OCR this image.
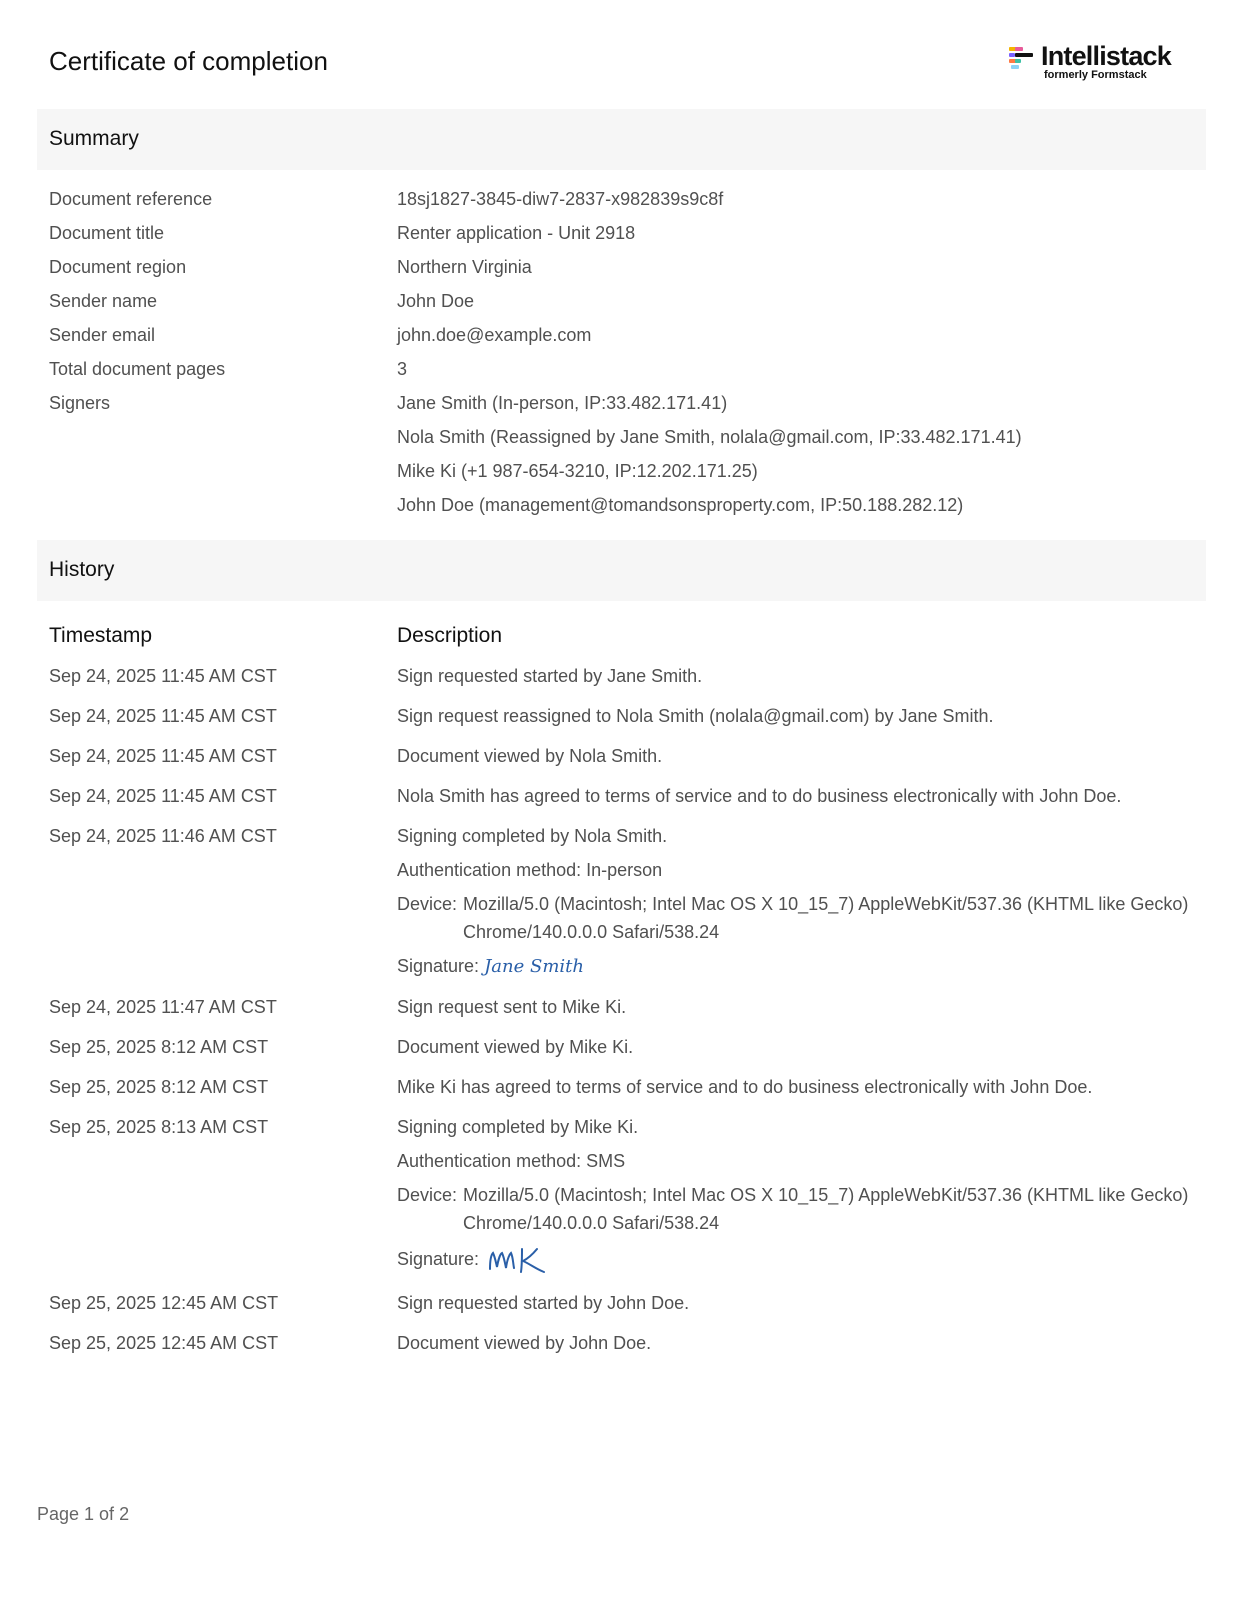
Certificate of completion	Intellistack
formerly Formstack
Summary
Document reference	18sj1827-3845-diw7-2837-x982839s9c8f
Document title	Renter application - Unit 2918
Document region	Northern Virginia
Sender name	John Doe
Sender email	john.doe@example.com
Total document pages	3
Signers	Jane Smith (In-person, IP:33.482.171.41)
Nola Smith (Reassigned by Jane Smith, nolala@gmail.com, IP:33.482.171.41)
Mike Ki (+1 987-654-3210, IP:12.202.171.25)
John Doe (management@tomandsonsproperty.com, IP:50.188.282.12)
History
Timestamp	Description
Sep 24, 2025 11:45 AM CST	Sign requested started by Jane Smith.
Sep 24, 2025 11:45 AM CST	Sign request reassigned to Nola Smith (nolala@gmail.com) by Jane Smith.
Sep 24, 2025 11:45 AM CST	Document viewed by Nola Smith.
Sep 24, 2025 11:45 AM CST	Nola Smith has agreed to terms of service and to do business electronically with John Doe.
Sep 24, 2025 11:46 AM CST	Signing completed by Nola Smith.
Authentication method: In-person
Device: Mozilla/5.0 (Macintosh; Intel Mac OS X 10_15_7) AppleWebKit/537.36 (KHTML like Gecko) Chrome/140.0.0.0 Safari/538.24
Signature: Jane Smith
Sep 24, 2025 11:47 AM CST	Sign request sent to Mike Ki.
Sep 25, 2025 8:12 AM CST	Document viewed by Mike Ki.
Sep 25, 2025 8:12 AM CST	Mike Ki has agreed to terms of service and to do business electronically with John Doe.
Sep 25, 2025 8:13 AM CST	Signing completed by Mike Ki.
Authentication method: SMS
Device: Mozilla/5.0 (Macintosh; Intel Mac OS X 10_15_7) AppleWebKit/537.36 (KHTML like Gecko) Chrome/140.0.0.0 Safari/538.24
Signature:
Sep 25, 2025 12:45 AM CST	Sign requested started by John Doe.
Sep 25, 2025 12:45 AM CST	Document viewed by John Doe.
Page 1 of 2
